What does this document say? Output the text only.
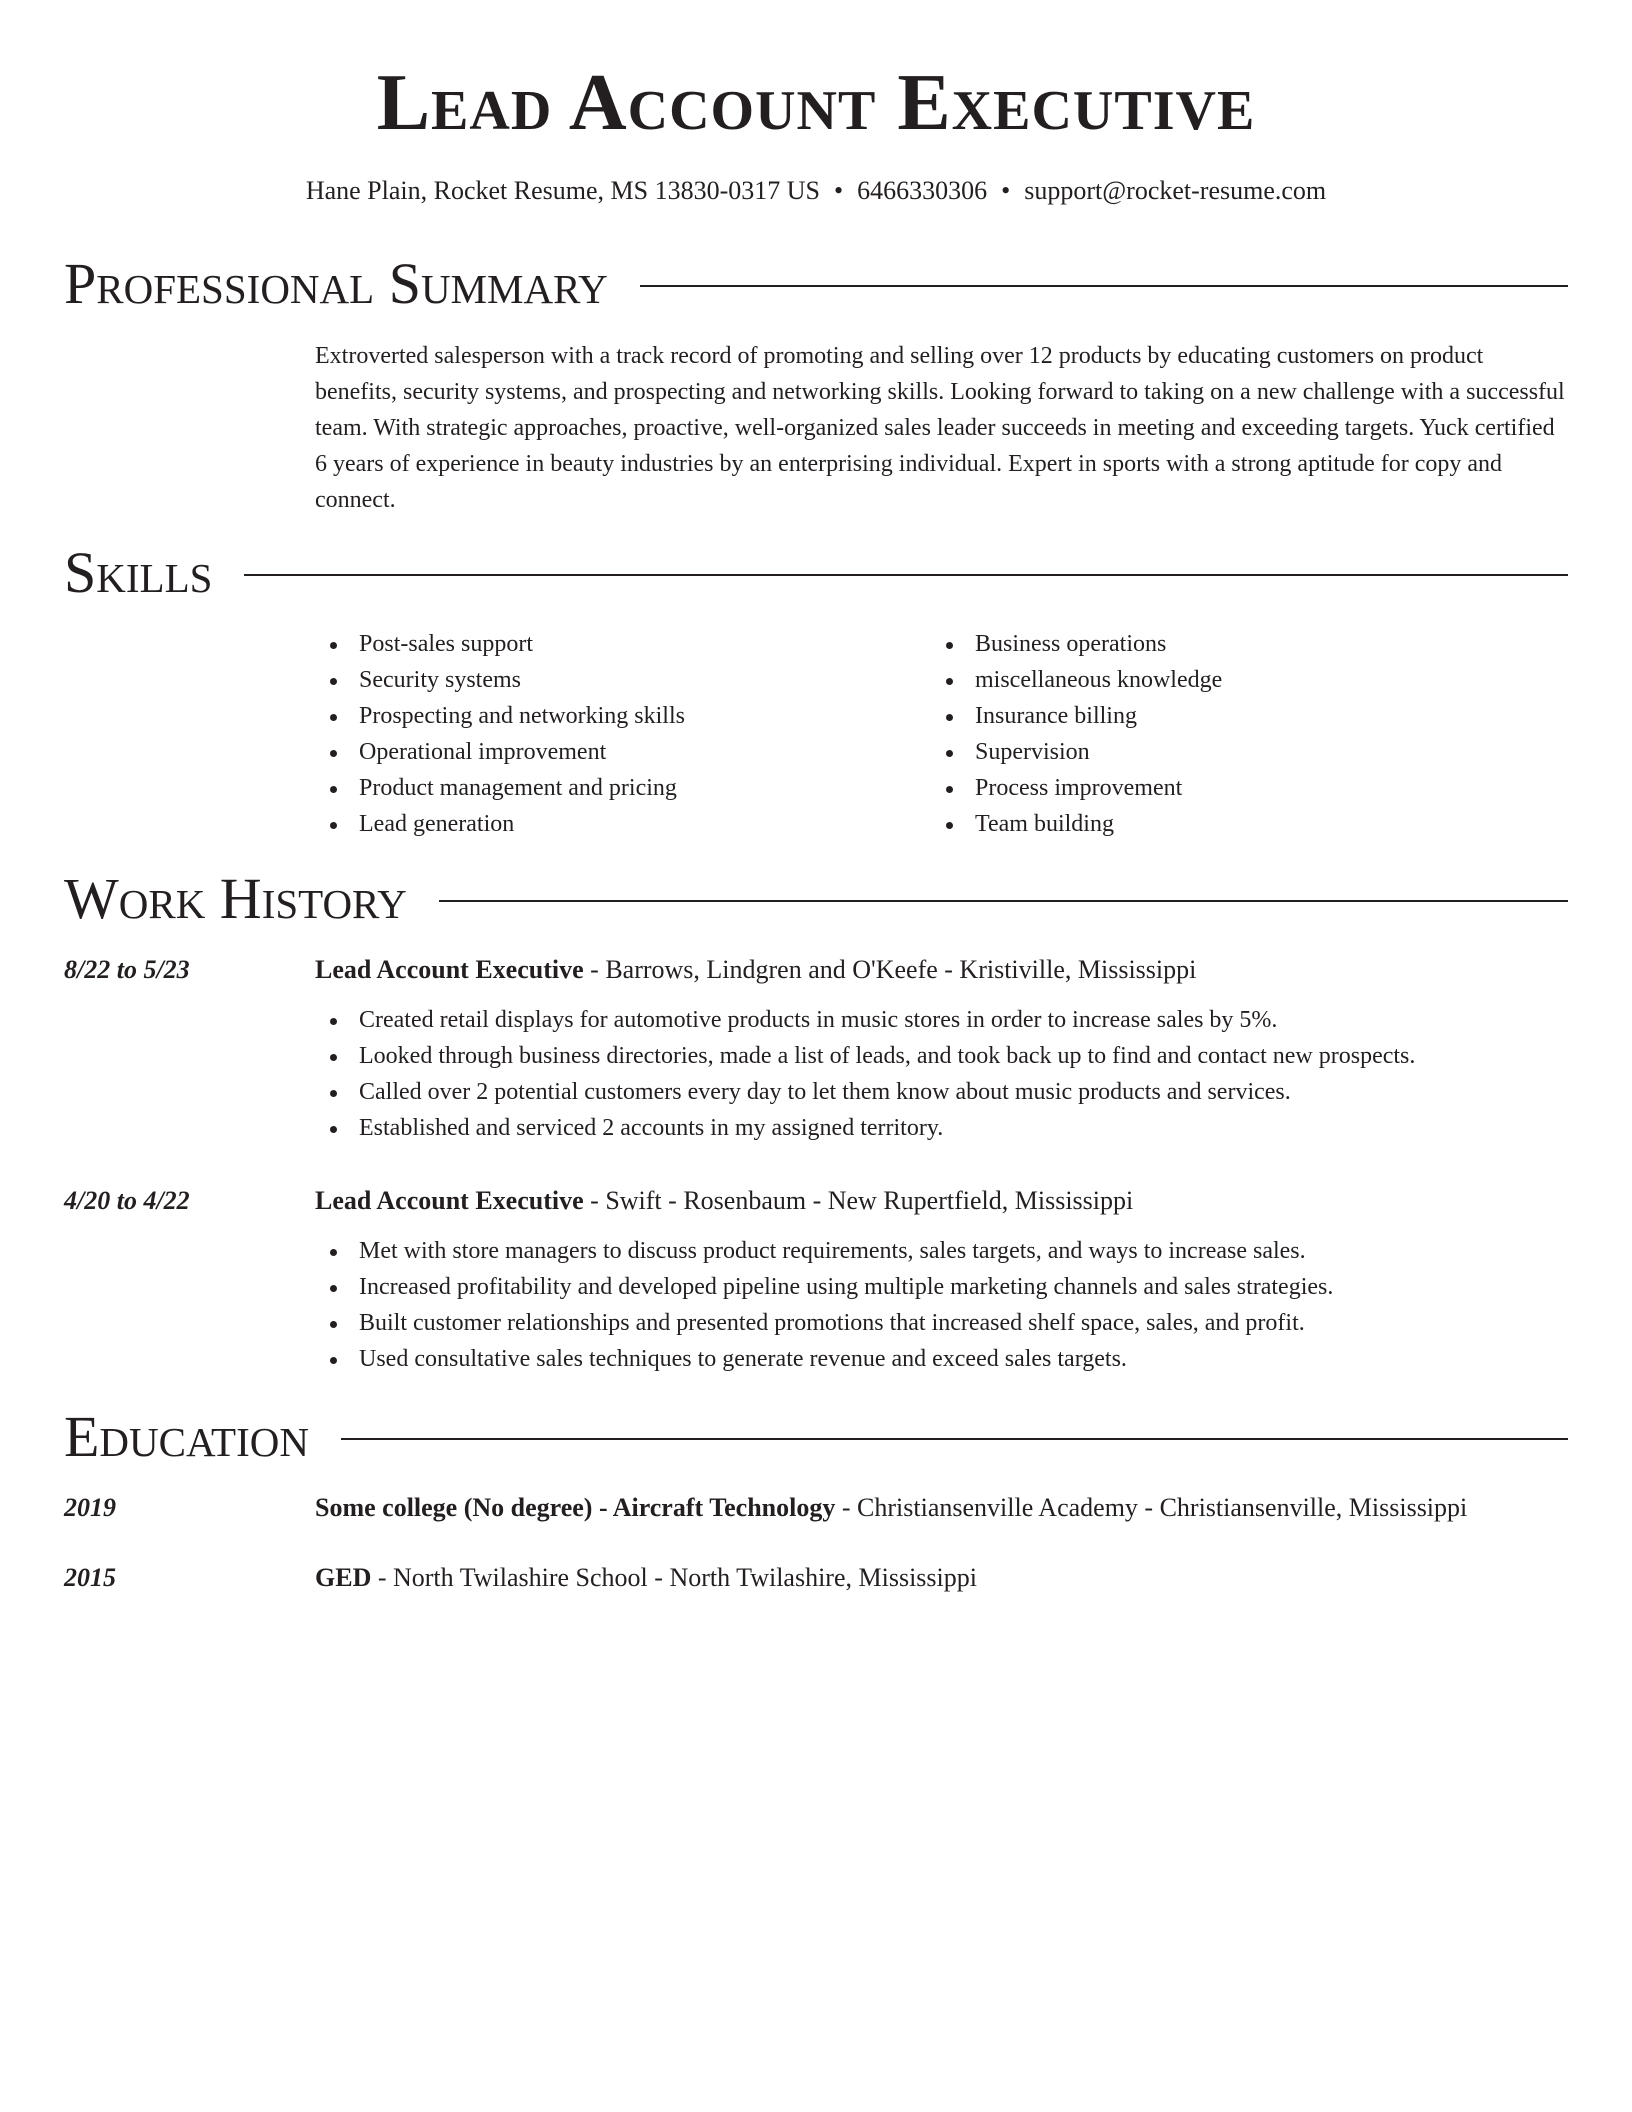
Lead Account Executive
Hane Plain, Rocket Resume, MS 13830-0317 US • 6466330306 • support@rocket-resume.com
Professional Summary

Extroverted salesperson with a track record of promoting and selling over 12 products by educating customers on product benefits, security systems, and prospecting and networking skills. Looking forward to taking on a new challenge with a successful team. With strategic approaches, proactive, well-organized sales leader succeeds in meeting and exceeding targets. Yuck certified 6 years of experience in beauty industries by an enterprising individual. Expert in sports with a strong aptitude for copy and connect.

Skills
Post-sales support
Security systems
Prospecting and networking skills
Operational improvement
Product management and pricing
Lead generation
Business operations
miscellaneous knowledge
Insurance billing
Supervision
Process improvement
Team building
Work History
8/22 to 5/23	Lead Account Executive - Barrows, Lindgren and O'Keefe - Kristiville, Mississippi
Created retail displays for automotive products in music stores in order to increase sales by 5%.
Looked through business directories, made a list of leads, and took back up to find and contact new prospects.
Called over 2 potential customers every day to let them know about music products and services.
Established and serviced 2 accounts in my assigned territory.
4/20 to 4/22	Lead Account Executive - Swift - Rosenbaum - New Rupertfield, Mississippi
Met with store managers to discuss product requirements, sales targets, and ways to increase sales.
Increased profitability and developed pipeline using multiple marketing channels and sales strategies.
Built customer relationships and presented promotions that increased shelf space, sales, and profit.
Used consultative sales techniques to generate revenue and exceed sales targets.
Education
2019	Some college (No degree) - Aircraft Technology - Christiansenville Academy - Christiansenville, Mississippi
2015	GED - North Twilashire School - North Twilashire, Mississippi
